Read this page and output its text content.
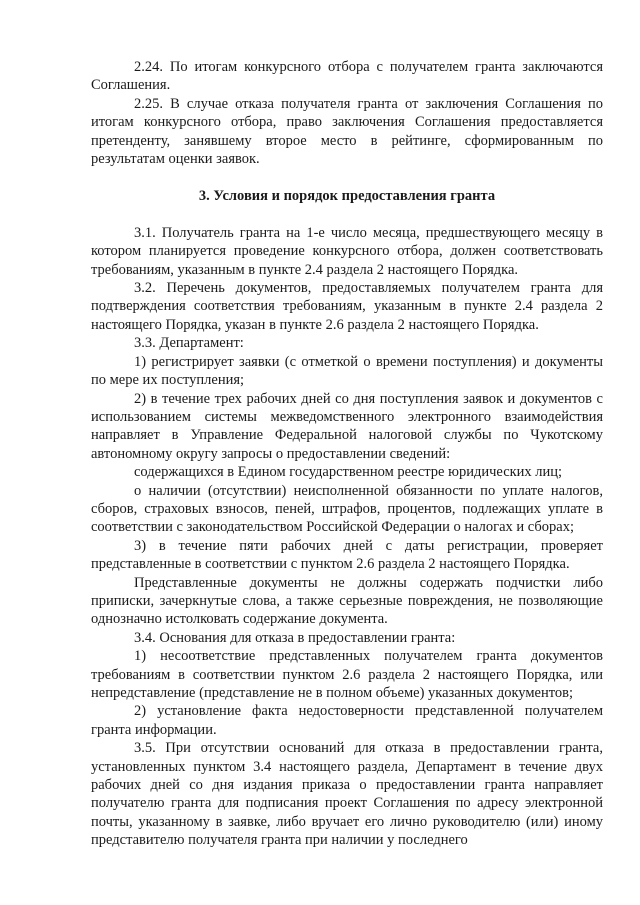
2.24. По итогам конкурсного отбора с получателем гранта заключаются Соглашения.

2.25. В случае отказа получателя гранта от заключения Соглашения по итогам конкурсного отбора, право заключения Соглашения предоставляется претенденту, занявшему второе место в рейтинге, сформированным по результатам оценки заявок.

3. Условия и порядок предоставления гранта

3.1. Получатель гранта на 1-е число месяца, предшествующего месяцу в котором планируется проведение конкурсного отбора, должен соответствовать требованиям, указанным в пункте 2.4 раздела 2 настоящего Порядка.

3.2. Перечень документов, предоставляемых получателем гранта для подтверждения соответствия требованиям, указанным в пункте 2.4 раздела 2 настоящего Порядка, указан в пункте 2.6 раздела 2 настоящего Порядка.

3.3. Департамент:

1) регистрирует заявки (с отметкой о времени поступления) и документы по мере их поступления;

2) в течение трех рабочих дней со дня поступления заявок и документов с использованием системы межведомственного электронного взаимодействия направляет в Управление Федеральной налоговой службы по Чукотскому автономному округу запросы о предоставлении сведений:

содержащихся в Едином государственном реестре юридических лиц;

о наличии (отсутствии) неисполненной обязанности по уплате налогов, сборов, страховых взносов, пеней, штрафов, процентов, подлежащих уплате в соответствии с законодательством Российской Федерации о налогах и сборах;

3) в течение пяти рабочих дней с даты регистрации, проверяет представленные в соответствии с пунктом 2.6 раздела 2 настоящего Порядка.

Представленные документы не должны содержать подчистки либо приписки, зачеркнутые слова, а также серьезные повреждения, не позволяющие однозначно истолковать содержание документа.

3.4. Основания для отказа в предоставлении гранта:

1) несоответствие представленных получателем гранта документов требованиям в соответствии пунктом 2.6 раздела 2 настоящего Порядка, или непредставление (представление не в полном объеме) указанных документов;

2) установление факта недостоверности представленной получателем гранта информации.

3.5. При отсутствии оснований для отказа в предоставлении гранта, установленных пунктом 3.4 настоящего раздела, Департамент в течение двух рабочих дней со дня издания приказа о предоставлении гранта направляет получателю гранта для подписания проект Соглашения по адресу электронной почты, указанному в заявке, либо вручает его лично руководителю (или) иному представителю получателя гранта при наличии у последнего
